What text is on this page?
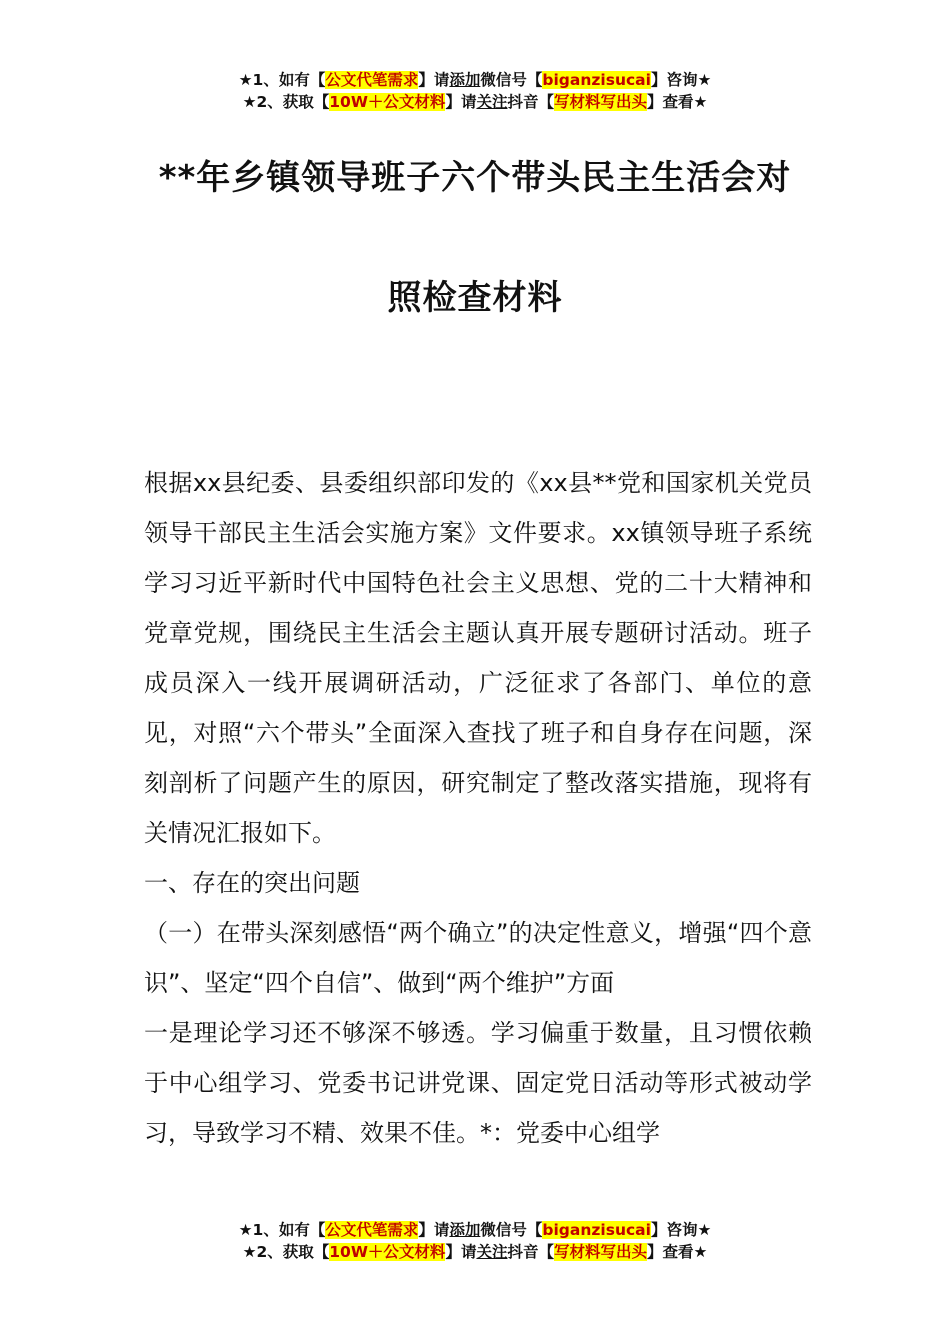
★1、如有【公文代笔需求】请添加微信号【biganzisucai】咨询★
★2、获取【10W＋公文材料】请关注抖音【写材料写出头】查看★
**年乡镇领导班子六个带头民主生活会对
照检查材料

根据xx县纪委、县委组织部印发的《xx县**党和国家机关党员领导干部民主生活会实施方案》文件要求。xx镇领导班子系统学习习近平新时代中国特色社会主义思想、党的二十大精神和党章党规，围绕民主生活会主题认真开展专题研讨活动。班子成员深入一线开展调研活动，广泛征求了各部门、单位的意见，对照“六个带头”全面深入查找了班子和自身存在问题，深刻剖析了问题产生的原因，研究制定了整改落实措施，现将有关情况汇报如下。

一、存在的突出问题

（一）在带头深刻感悟“两个确立”的决定性意义，增强“四个意识”、坚定“四个自信”、做到“两个维护”方面

一是理论学习还不够深不够透。学习偏重于数量，且习惯依赖于中心组学习、党委书记讲党课、固定党日活动等形式被动学习，导致学习不精、效果不佳。*：党委中心组学

★1、如有【公文代笔需求】请添加微信号【biganzisucai】咨询★
★2、获取【10W＋公文材料】请关注抖音【写材料写出头】查看★
